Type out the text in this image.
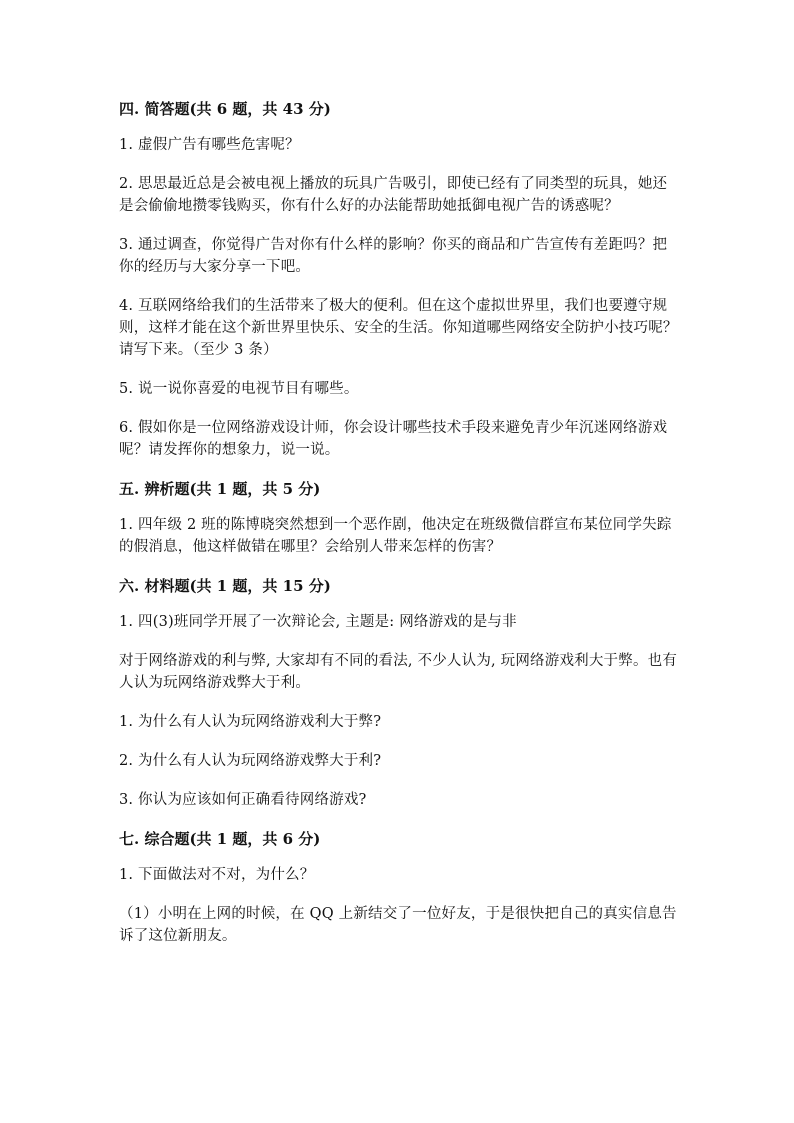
四. 简答题(共 6 题，共 43 分)
1. 虚假广告有哪些危害呢？
2. 思思最近总是会被电视上播放的玩具广告吸引，即使已经有了同类型的玩具，她还是会偷偷地攒零钱购买，你有什么好的办法能帮助她抵御电视广告的诱惑呢？
3. 通过调查，你觉得广告对你有什么样的影响？你买的商品和广告宣传有差距吗？把你的经历与大家分享一下吧。
4. 互联网络给我们的生活带来了极大的便利。但在这个虚拟世界里，我们也要遵守规则，这样才能在这个新世界里快乐、安全的生活。你知道哪些网络安全防护小技巧呢？请写下来。（至少 3 条）
5. 说一说你喜爱的电视节目有哪些。
6. 假如你是一位网络游戏设计师，你会设计哪些技术手段来避免青少年沉迷网络游戏呢？请发挥你的想象力，说一说。
五. 辨析题(共 1 题，共 5 分)
1. 四年级 2 班的陈博晓突然想到一个恶作剧，他决定在班级微信群宣布某位同学失踪的假消息，他这样做错在哪里？会给别人带来怎样的伤害？
六. 材料题(共 1 题，共 15 分)
1. 四(3)班同学开展了一次辩论会, 主题是: 网络游戏的是与非
对于网络游戏的利与弊, 大家却有不同的看法, 不少人认为, 玩网络游戏利大于弊。也有人认为玩网络游戏弊大于利。
1. 为什么有人认为玩网络游戏利大于弊?
2. 为什么有人认为玩网络游戏弊大于利?
3. 你认为应该如何正确看待网络游戏?
七. 综合题(共 1 题，共 6 分)
1. 下面做法对不对，为什么？
（1）小明在上网的时候，在 QQ 上新结交了一位好友，于是很快把自己的真实信息告诉了这位新朋友。
